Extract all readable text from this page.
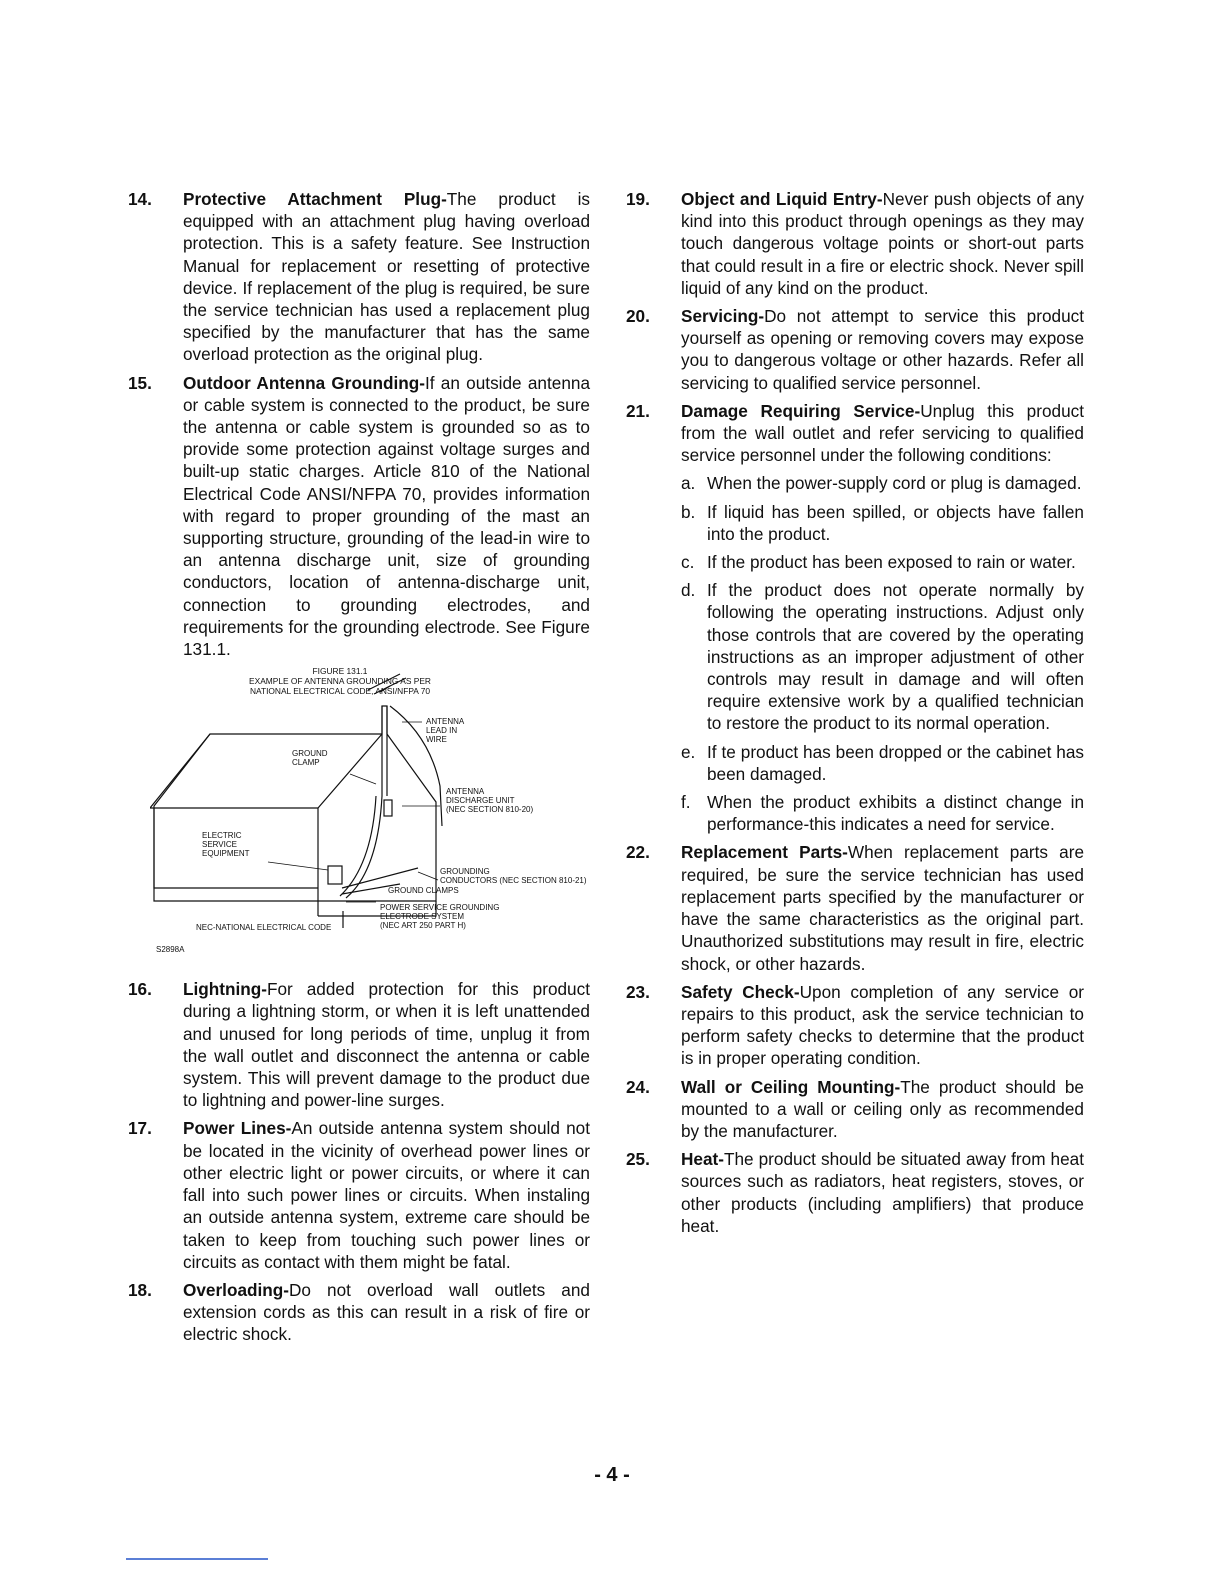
14. Protective Attachment Plug-The product is equipped with an attachment plug having overload protection. This is a safety feature. See Instruction Manual for replacement or resetting of protective device. If replacement of the plug is required, be sure the service technician has used a replacement plug specified by the manufacturer that has the same overload protection as the original plug.
15. Outdoor Antenna Grounding-If an outside antenna or cable system is connected to the product, be sure the antenna or cable system is grounded so as to provide some protection against voltage surges and built-up static charges. Article 810 of the National Electrical Code ANSI/NFPA 70, provides information with regard to proper grounding of the mast an supporting structure, grounding of the lead-in wire to an antenna discharge unit, size of grounding conductors, location of antenna-discharge unit, connection to grounding electrodes, and requirements for the grounding electrode. See Figure 131.1.
FIGURE 131.1
EXAMPLE OF ANTENNA GROUNDING AS PER
NATIONAL ELECTRICAL CODE, ANSI/NFPA 70
ANTENNA
LEAD IN
WIRE
GROUND
CLAMP
ANTENNA
DISCHARGE UNIT
(NEC SECTION 810-20)
ELECTRIC
SERVICE
EQUIPMENT
GROUNDING
CONDUCTORS (NEC SECTION 810-21)
GROUND CLAMPS
POWER SERVICE GROUNDING
ELECTRODE SYSTEM
(NEC ART 250 PART H)
NEC-NATIONAL ELECTRICAL CODE
S2898A
16. Lightning-For added protection for this product during a lightning storm, or when it is left unattended and unused for long periods of time, unplug it from the wall outlet and disconnect the antenna or cable system. This will prevent damage to the product due to lightning and power-line surges.
17. Power Lines-An outside antenna system should not be located in the vicinity of overhead power lines or other electric light or power circuits, or where it can fall into such power lines or circuits. When instaling an outside antenna system, extreme care should be taken to keep from touching such power lines or circuits as contact with them might be fatal.
18. Overloading-Do not overload wall outlets and extension cords as this can result in a risk of fire or electric shock.
19. Object and Liquid Entry-Never push objects of any kind into this product through openings as they may touch dangerous voltage points or short-out parts that could result in a fire or electric shock. Never spill liquid of any kind on the product.
20. Servicing-Do not attempt to service this product yourself as opening or removing covers may expose you to dangerous voltage or other hazards. Refer all servicing to qualified service personnel.
21. Damage Requiring Service-Unplug this product from the wall outlet and refer servicing to qualified service personnel under the following conditions:
a. When the power-supply cord or plug is damaged.
b. If liquid has been spilled, or objects have fallen into the product.
c. If the product has been exposed to rain or water.
d. If the product does not operate normally by following the operating instructions. Adjust only those controls that are covered by the operating instructions as an improper adjustment of other controls may result in damage and will often require extensive work by a qualified technician to restore the product to its normal operation.
e. If te product has been dropped or the cabinet has been damaged.
f. When the product exhibits a distinct change in performance-this indicates a need for service.
22. Replacement Parts-When replacement parts are required, be sure the service technician has used replacement parts specified by the manufacturer or have the same characteristics as the original part. Unauthorized substitutions may result in fire, electric shock, or other hazards.
23. Safety Check-Upon completion of any service or repairs to this product, ask the service technician to perform safety checks to determine that the product is in proper operating condition.
24. Wall or Ceiling Mounting-The product should be mounted to a wall or ceiling only as recommended by the manufacturer.
25. Heat-The product should be situated away from heat sources such as radiators, heat registers, stoves, or other products (including amplifiers) that produce heat.
- 4 -
